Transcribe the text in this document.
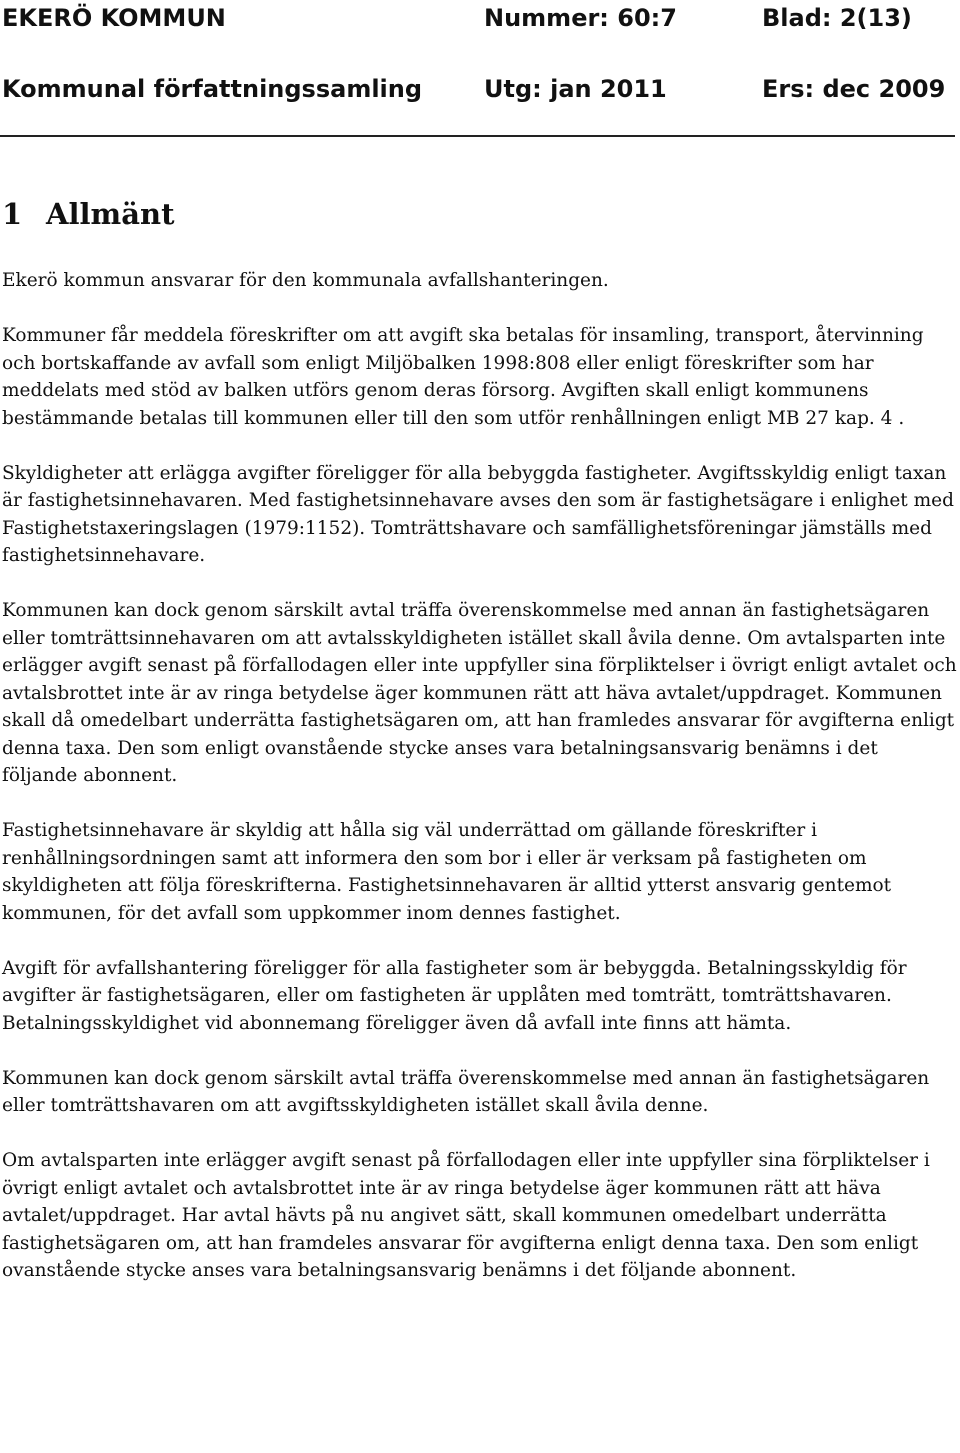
EKERÖ KOMMUN	Nummer: 60:7	Blad: 2(13)
Kommunal författningssamling	Utg: jan 2011	Ers: dec 2009
1 Allmänt

Ekerö kommun ansvarar för den kommunala avfallshanteringen.

Kommuner får meddela föreskrifter om att avgift ska betalas för insamling, transport, återvinning och bortskaffande av avfall som enligt Miljöbalken 1998:808 eller enligt föreskrifter som har meddelats med stöd av balken utförs genom deras försorg. Avgiften skall enligt kommunens bestämmande betalas till kommunen eller till den som utför renhållningen enligt MB 27 kap. 4 .

Skyldigheter att erlägga avgifter föreligger för alla bebyggda fastigheter. Avgiftsskyldig enligt taxan är fastighetsinnehavaren. Med fastighetsinnehavare avses den som är fastighetsägare i enlighet med Fastighetstaxeringslagen (1979:1152). Tomträttshavare och samfällighetsföreningar jämställs med fastighetsinnehavare.

Kommunen kan dock genom särskilt avtal träffa överenskommelse med annan än fastighetsägaren eller tomträttsinnehavaren om att avtalsskyldigheten istället skall åvila denne. Om avtalsparten inte erlägger avgift senast på förfallodagen eller inte uppfyller sina förpliktelser i övrigt enligt avtalet och avtalsbrottet inte är av ringa betydelse äger kommunen rätt att häva avtalet/uppdraget. Kommunen skall då omedelbart underrätta fastighetsägaren om, att han framledes ansvarar för avgifterna enligt denna taxa. Den som enligt ovanstående stycke anses vara betalningsansvarig benämns i det följande abonnent.

Fastighetsinnehavare är skyldig att hålla sig väl underrättad om gällande föreskrifter i renhållningsordningen samt att informera den som bor i eller är verksam på fastigheten om skyldigheten att följa föreskrifterna. Fastighetsinnehavaren är alltid ytterst ansvarig gentemot kommunen, för det avfall som uppkommer inom dennes fastighet.

Avgift för avfallshantering föreligger för alla fastigheter som är bebyggda. Betalningsskyldig för avgifter är fastighetsägaren, eller om fastigheten är upplåten med tomträtt, tomträttshavaren. Betalningsskyldighet vid abonnemang föreligger även då avfall inte finns att hämta.

Kommunen kan dock genom särskilt avtal träffa överenskommelse med annan än fastighetsägaren eller tomträttshavaren om att avgiftsskyldigheten istället skall åvila denne.

Om avtalsparten inte erlägger avgift senast på förfallodagen eller inte uppfyller sina förpliktelser i övrigt enligt avtalet och avtalsbrottet inte är av ringa betydelse äger kommunen rätt att häva avtalet/uppdraget. Har avtal hävts på nu angivet sätt, skall kommunen omedelbart underrätta fastighetsägaren om, att han framdeles ansvarar för avgifterna enligt denna taxa. Den som enligt ovanstående stycke anses vara betalningsansvarig benämns i det följande abonnent.
